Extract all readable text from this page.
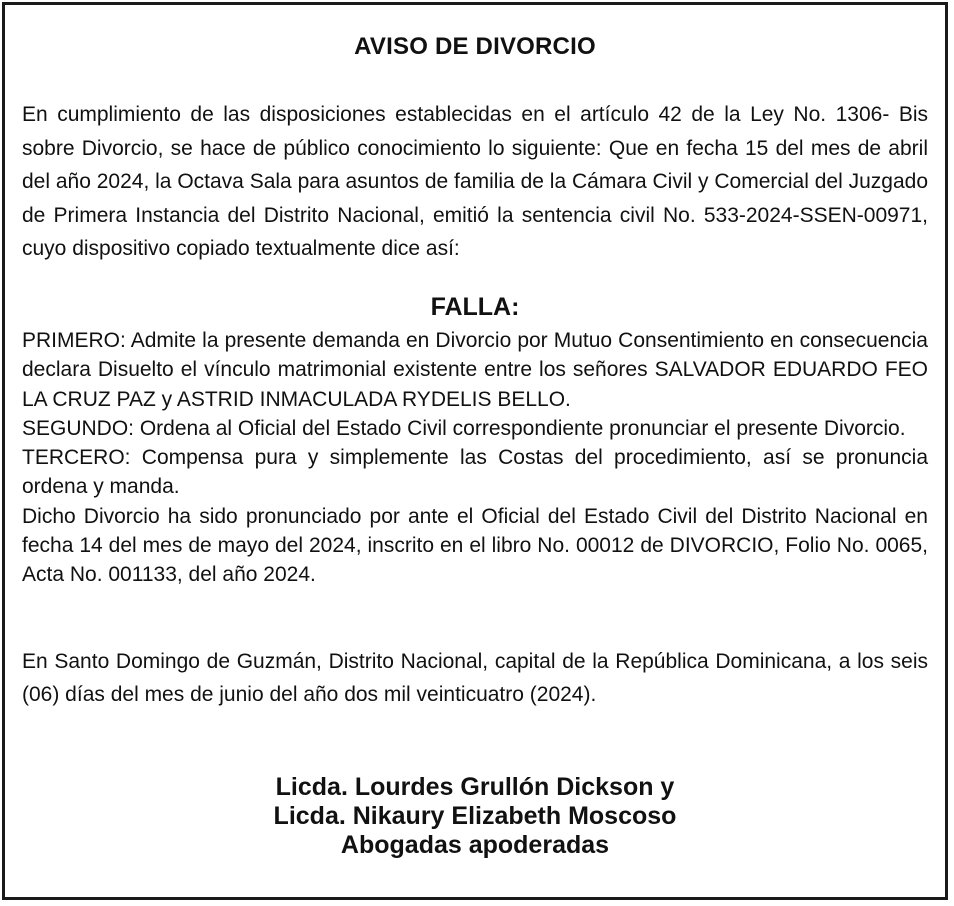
AVISO DE DIVORCIO

En cumplimiento de las disposiciones establecidas en el artículo 42 de la Ley No. 1306- Bis sobre Divorcio, se hace de público conocimiento lo siguiente: Que en fecha 15 del mes de abril del año 2024, la Octava Sala para asuntos de familia de la Cámara Civil y Comercial del Juzgado de Primera Instancia del Distrito Nacional, emitió la sentencia civil No. 533-2024-SSEN-00971, cuyo dispositivo copiado textualmente dice así:

FALLA:

PRIMERO: Admite la presente demanda en Divorcio por Mutuo Consentimiento en consecuencia declara Disuelto el vínculo matrimonial existente entre los señores SALVADOR EDUARDO FEO LA CRUZ PAZ y ASTRID INMACULADA RYDELIS BELLO.

SEGUNDO: Ordena al Oficial del Estado Civil correspondiente pronunciar el presente Divorcio.

TERCERO: Compensa pura y simplemente las Costas del procedimiento, así se pronuncia ordena y manda.

Dicho Divorcio ha sido pronunciado por ante el Oficial del Estado Civil del Distrito Nacional en fecha 14 del mes de mayo del 2024, inscrito en el libro No. 00012 de DIVORCIO, Folio No. 0065, Acta No. 001133, del año 2024.

En Santo Domingo de Guzmán, Distrito Nacional, capital de la República Dominicana, a los seis (06) días del mes de junio del año dos mil veinticuatro (2024).

Licda. Lourdes Grullón Dickson y
Licda. Nikaury Elizabeth Moscoso
Abogadas apoderadas
